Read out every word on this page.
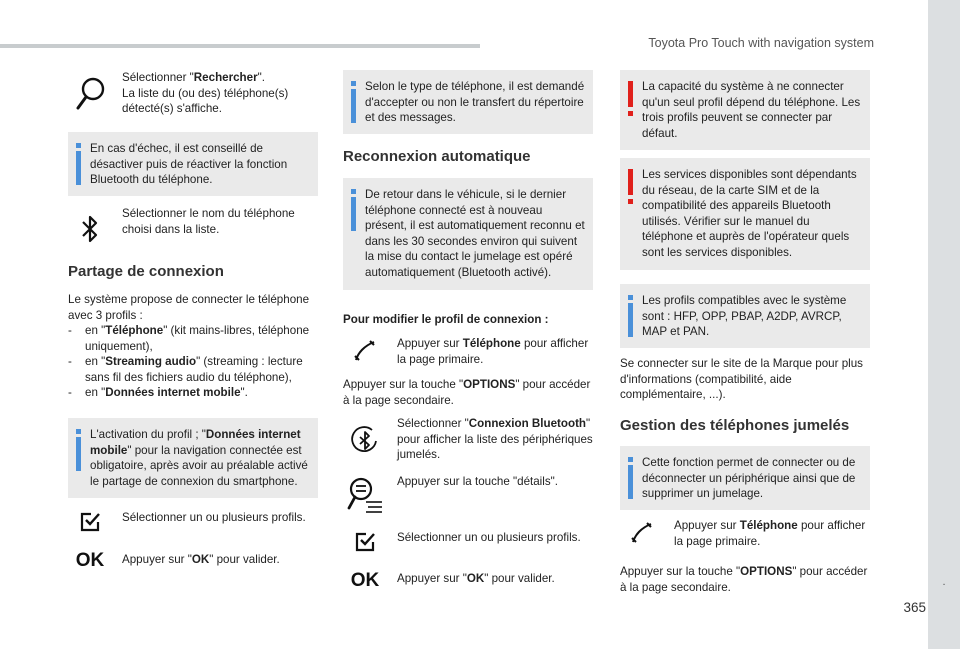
Toyota Pro Touch with navigation system
.
365
Sélectionner "Rechercher".
La liste du (ou des) téléphone(s) détecté(s) s'affiche.
En cas d'échec, il est conseillé de désactiver puis de réactiver la fonction Bluetooth du téléphone.
Sélectionner le nom du téléphone choisi dans la liste.
Partage de connexion
Le système propose de connecter le téléphone avec 3 profils :
- en "Téléphone" (kit mains-libres, téléphone uniquement),
- en "Streaming audio" (streaming : lecture sans fil des fichiers audio du téléphone),
- en "Données internet mobile".
L'activation du profil ; "Données internet mobile" pour la navigation connectée est obligatoire, après avoir au préalable activé le partage de connexion du smartphone.
Sélectionner un ou plusieurs profils.
OK	Appuyer sur "OK" pour valider.
Selon le type de téléphone, il est demandé d'accepter ou non le transfert du répertoire et des messages.
Reconnexion automatique
De retour dans le véhicule, si le dernier téléphone connecté est à nouveau présent, il est automatiquement reconnu et dans les 30 secondes environ qui suivent la mise du contact le jumelage est opéré automatiquement (Bluetooth activé).
Pour modifier le profil de connexion :
Appuyer sur Téléphone pour afficher la page primaire.
Appuyer sur la touche "OPTIONS" pour accéder à la page secondaire.
Sélectionner "Connexion Bluetooth" pour afficher la liste des périphériques jumelés.
Appuyer sur la touche "détails".
Sélectionner un ou plusieurs profils.
OK	Appuyer sur "OK" pour valider.
La capacité du système à ne connecter qu'un seul profil dépend du téléphone. Les trois profils peuvent se connecter par défaut.
Les services disponibles sont dépendants du réseau, de la carte SIM et de la compatibilité des appareils Bluetooth utilisés. Vérifier sur le manuel du téléphone et auprès de l'opérateur quels sont les services disponibles.
Les profils compatibles avec le système sont : HFP, OPP, PBAP, A2DP, AVRCP, MAP et PAN.
Se connecter sur le site de la Marque pour plus d'informations (compatibilité, aide complémentaire, ...).
Gestion des téléphones jumelés
Cette fonction permet de connecter ou de déconnecter un périphérique ainsi que de supprimer un jumelage.
Appuyer sur Téléphone pour afficher la page primaire.
Appuyer sur la touche "OPTIONS" pour accéder à la page secondaire.
